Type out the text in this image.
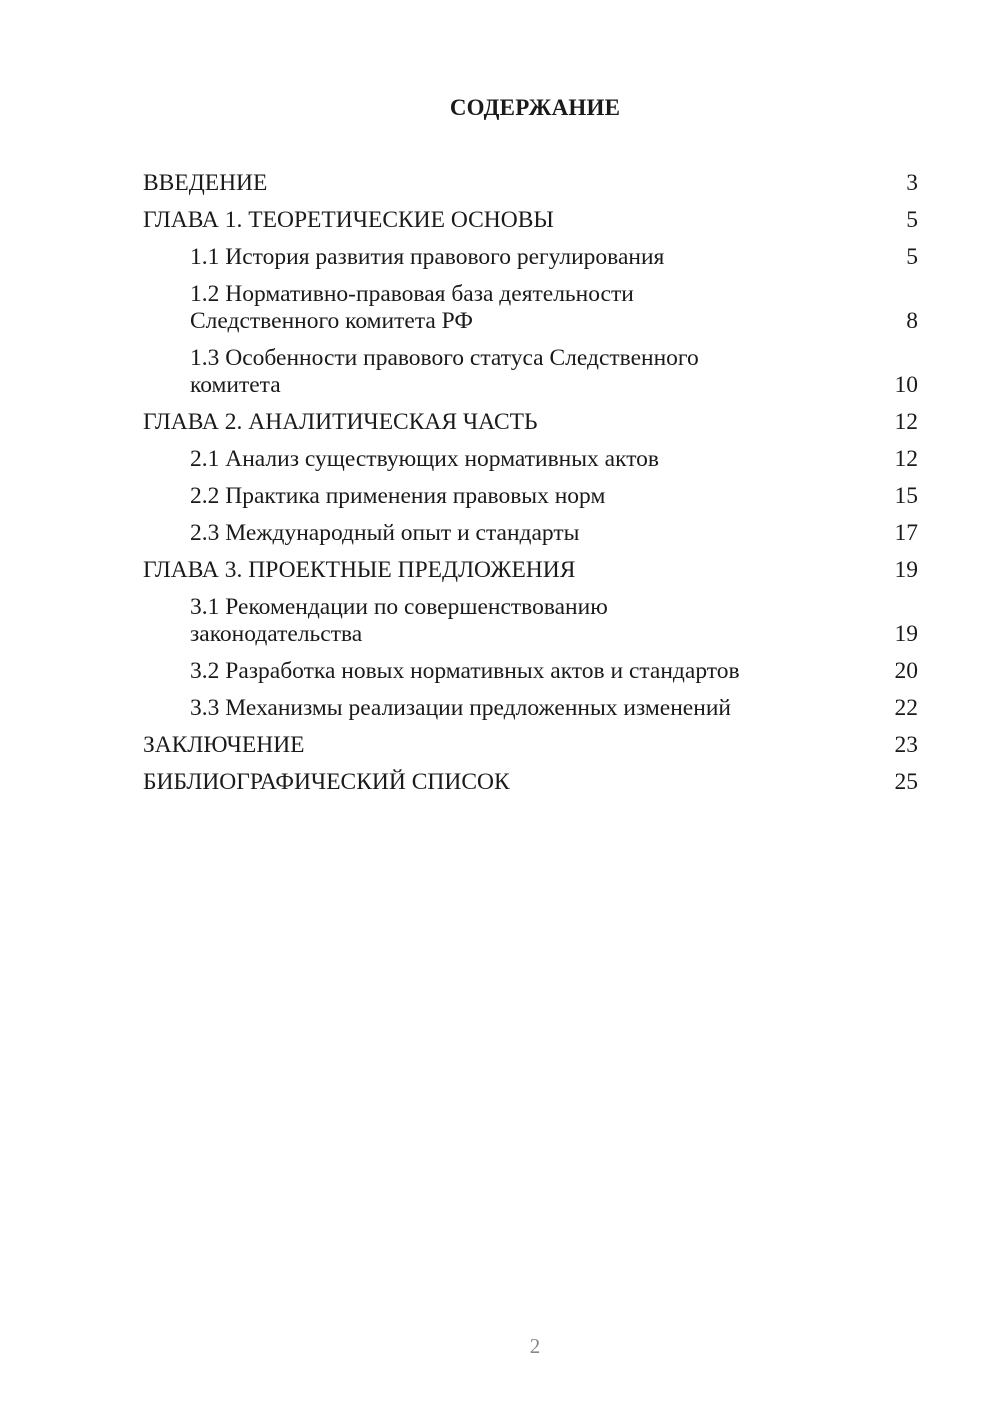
СОДЕРЖАНИЕ
ВВЕДЕНИЕ	3
ГЛАВА 1. ТЕОРЕТИЧЕСКИЕ ОСНОВЫ	5
1.1 История развития правового регулирования	5
1.2 Нормативно-правовая база деятельности
Следственного комитета РФ	8
1.3 Особенности правового статуса Следственного
комитета	10
ГЛАВА 2. АНАЛИТИЧЕСКАЯ ЧАСТЬ	12
2.1 Анализ существующих нормативных актов	12
2.2 Практика применения правовых норм	15
2.3 Международный опыт и стандарты	17
ГЛАВА 3. ПРОЕКТНЫЕ ПРЕДЛОЖЕНИЯ	19
3.1 Рекомендации по совершенствованию
законодательства	19
3.2 Разработка новых нормативных актов и стандартов	20
3.3 Механизмы реализации предложенных изменений	22
ЗАКЛЮЧЕНИЕ	23
БИБЛИОГРАФИЧЕСКИЙ СПИСОК	25
2
